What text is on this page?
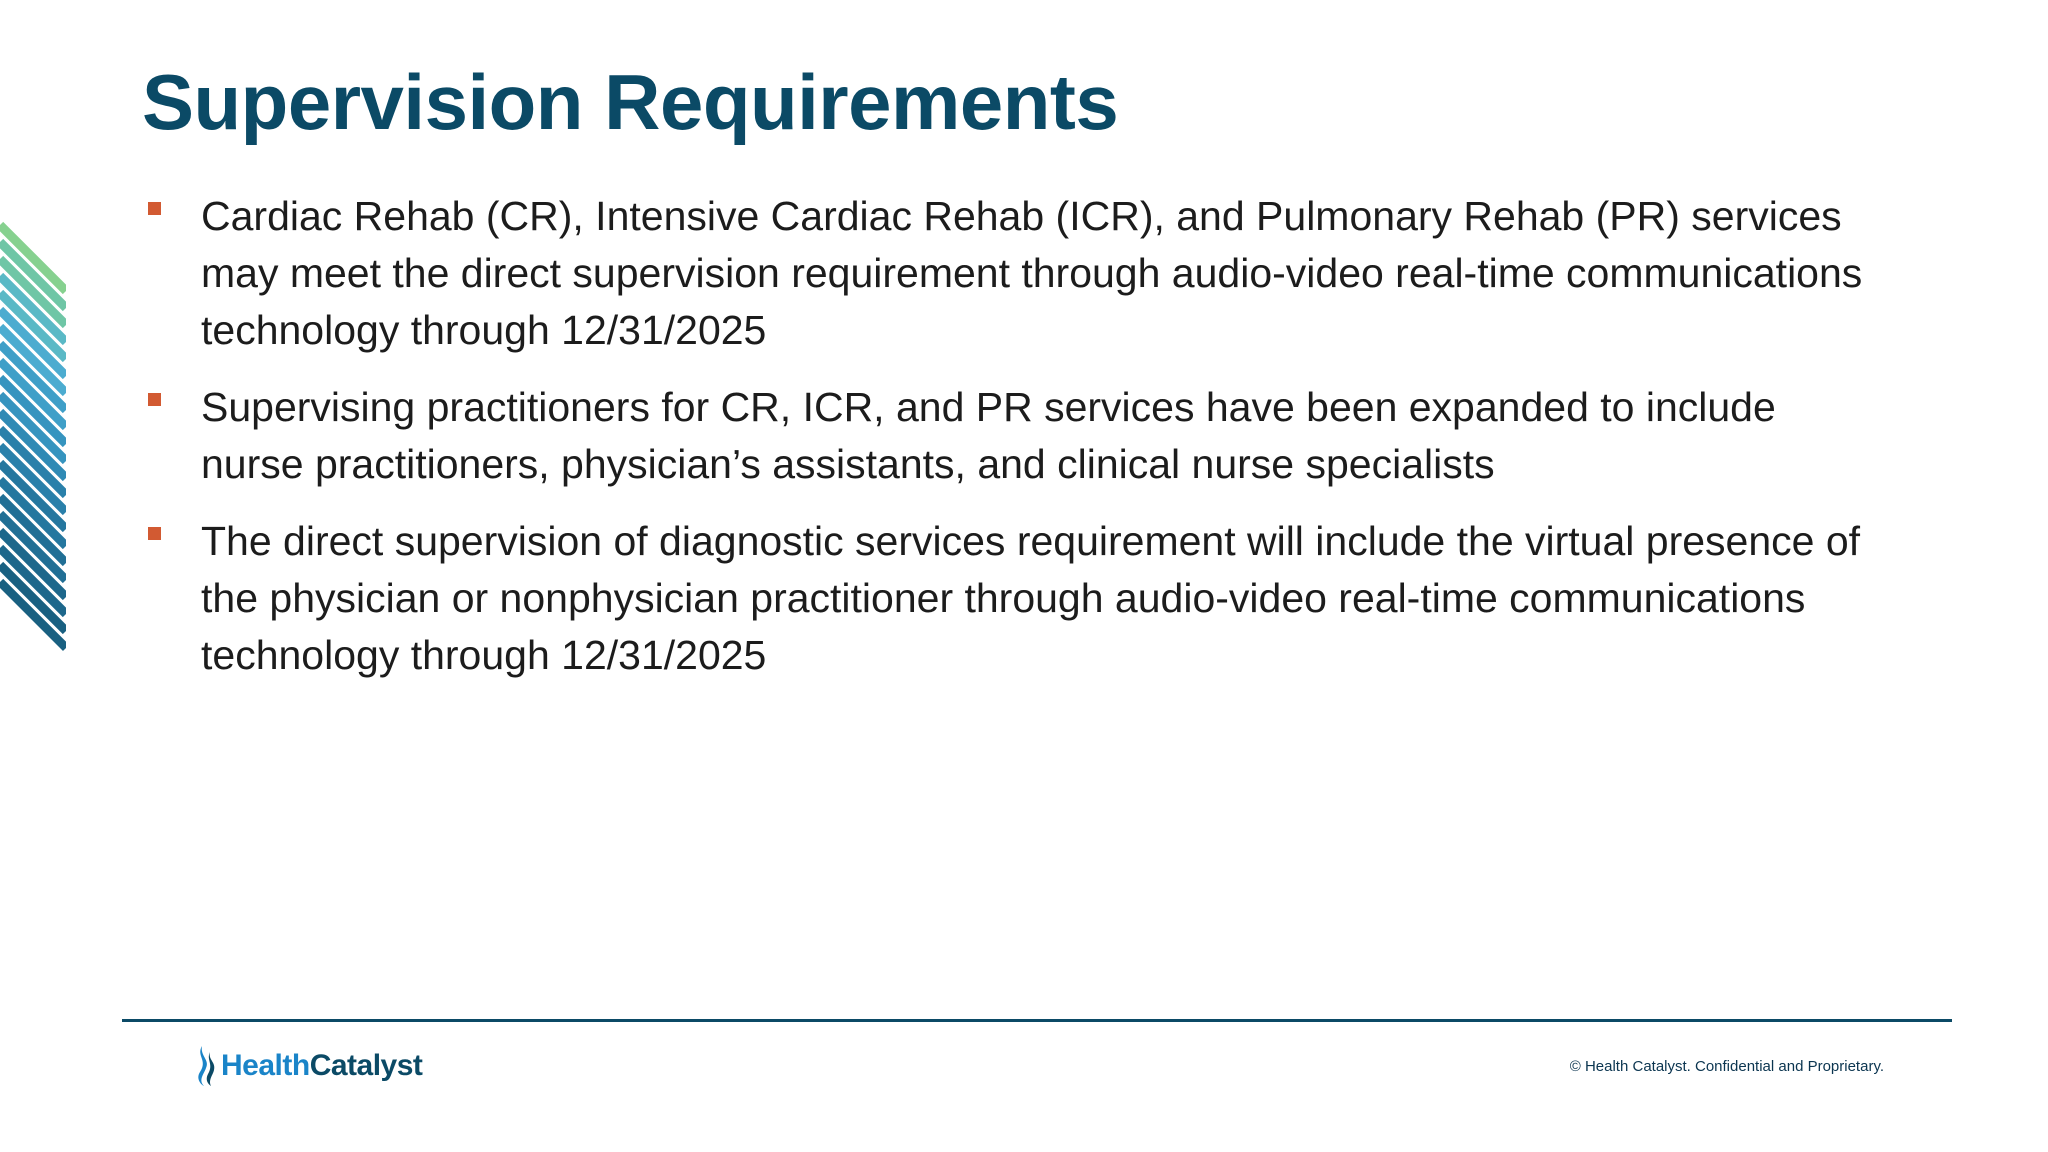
Supervision Requirements
Cardiac Rehab (CR), Intensive Cardiac Rehab (ICR), and Pulmonary Rehab (PR) services may meet the direct supervision requirement through audio-video real-time communications technology through 12/31/2025
Supervising practitioners for CR, ICR, and PR services have been expanded to include nurse practitioners, physician’s assistants, and clinical nurse specialists
The direct supervision of diagnostic services requirement will include the virtual presence of the physician or nonphysician practitioner through audio-video real-time communications technology through 12/31/2025
HealthCatalyst	© Health Catalyst. Confidential and Proprietary.
